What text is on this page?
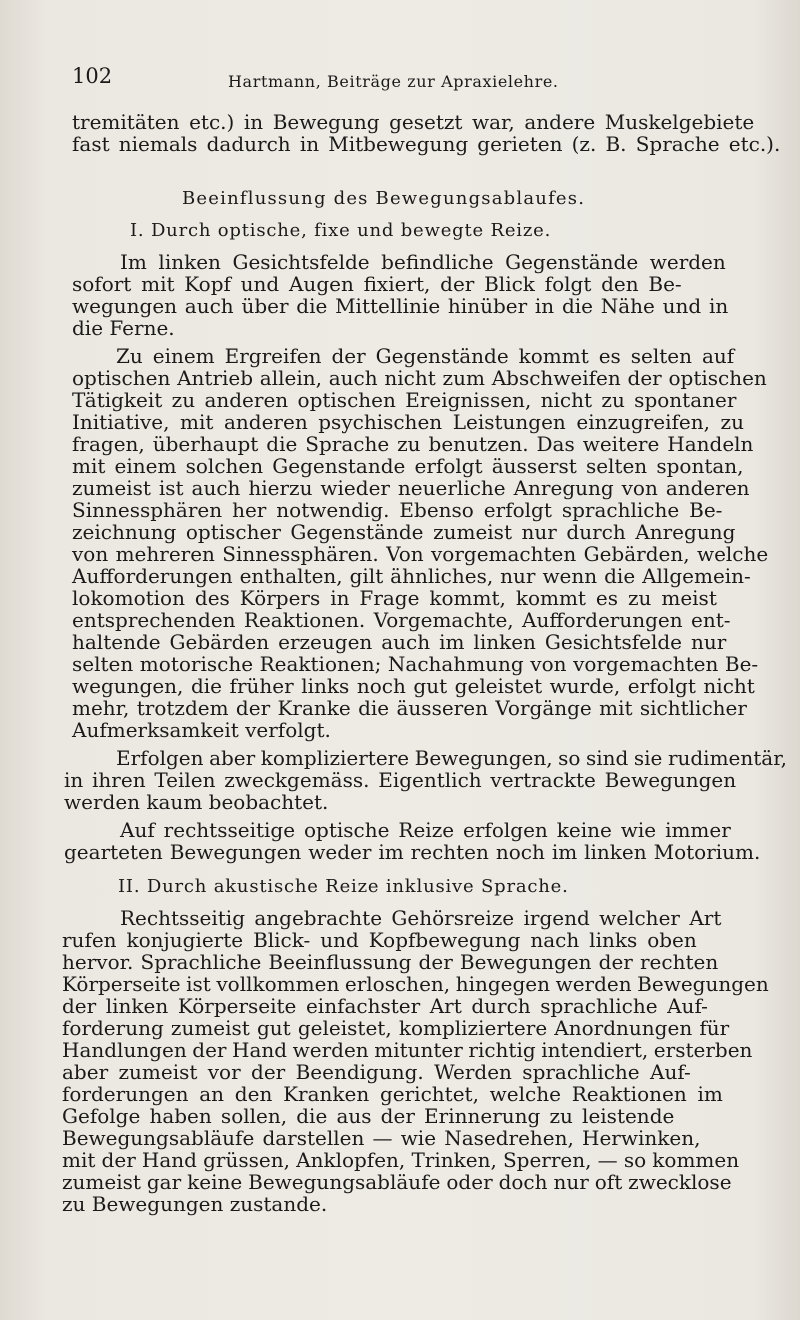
102	Hartmann, Beiträge zur Apraxielehre.
tremitäten etc.) in Bewegung gesetzt war, andere Muskelgebiete
fast niemals dadurch in Mitbewegung gerieten (z. B. Sprache etc.).
Beeinflussung des Bewegungsablaufes.
I. Durch optische, fixe und bewegte Reize.
Im linken Gesichtsfelde befindliche Gegenstände werden
sofort mit Kopf und Augen fixiert, der Blick folgt den Be-
wegungen auch über die Mittellinie hinüber in die Nähe und in
die Ferne.
Zu einem Ergreifen der Gegenstände kommt es selten auf
optischen Antrieb allein, auch nicht zum Abschweifen der optischen
Tätigkeit zu anderen optischen Ereignissen, nicht zu spontaner
Initiative, mit anderen psychischen Leistungen einzugreifen, zu
fragen, überhaupt die Sprache zu benutzen. Das weitere Handeln
mit einem solchen Gegenstande erfolgt äusserst selten spontan,
zumeist ist auch hierzu wieder neuerliche Anregung von anderen
Sinnessphären her notwendig. Ebenso erfolgt sprachliche Be-
zeichnung optischer Gegenstände zumeist nur durch Anregung
von mehreren Sinnessphären. Von vorgemachten Gebärden, welche
Aufforderungen enthalten, gilt ähnliches, nur wenn die Allgemein-
lokomotion des Körpers in Frage kommt, kommt es zu meist
entsprechenden Reaktionen. Vorgemachte, Aufforderungen ent-
haltende Gebärden erzeugen auch im linken Gesichtsfelde nur
selten motorische Reaktionen; Nachahmung von vorgemachten Be-
wegungen, die früher links noch gut geleistet wurde, erfolgt nicht
mehr, trotzdem der Kranke die äusseren Vorgänge mit sichtlicher
Aufmerksamkeit verfolgt.
Erfolgen aber kompliziertere Bewegungen, so sind sie rudimentär,
in ihren Teilen zweckgemäss. Eigentlich vertrackte Bewegungen
werden kaum beobachtet.
Auf rechtsseitige optische Reize erfolgen keine wie immer
gearteten Bewegungen weder im rechten noch im linken Motorium.
II. Durch akustische Reize inklusive Sprache.
Rechtsseitig angebrachte Gehörsreize irgend welcher Art
rufen konjugierte Blick- und Kopfbewegung nach links oben
hervor. Sprachliche Beeinflussung der Bewegungen der rechten
Körperseite ist vollkommen erloschen, hingegen werden Bewegungen
der linken Körperseite einfachster Art durch sprachliche Auf-
forderung zumeist gut geleistet, kompliziertere Anordnungen für
Handlungen der Hand werden mitunter richtig intendiert, ersterben
aber zumeist vor der Beendigung. Werden sprachliche Auf-
forderungen an den Kranken gerichtet, welche Reaktionen im
Gefolge haben sollen, die aus der Erinnerung zu leistende
Bewegungsabläufe darstellen — wie Nasedrehen, Herwinken,
mit der Hand grüssen, Anklopfen, Trinken, Sperren, — so kommen
zumeist gar keine Bewegungsabläufe oder doch nur oft zwecklose
zu Bewegungen zustande.
